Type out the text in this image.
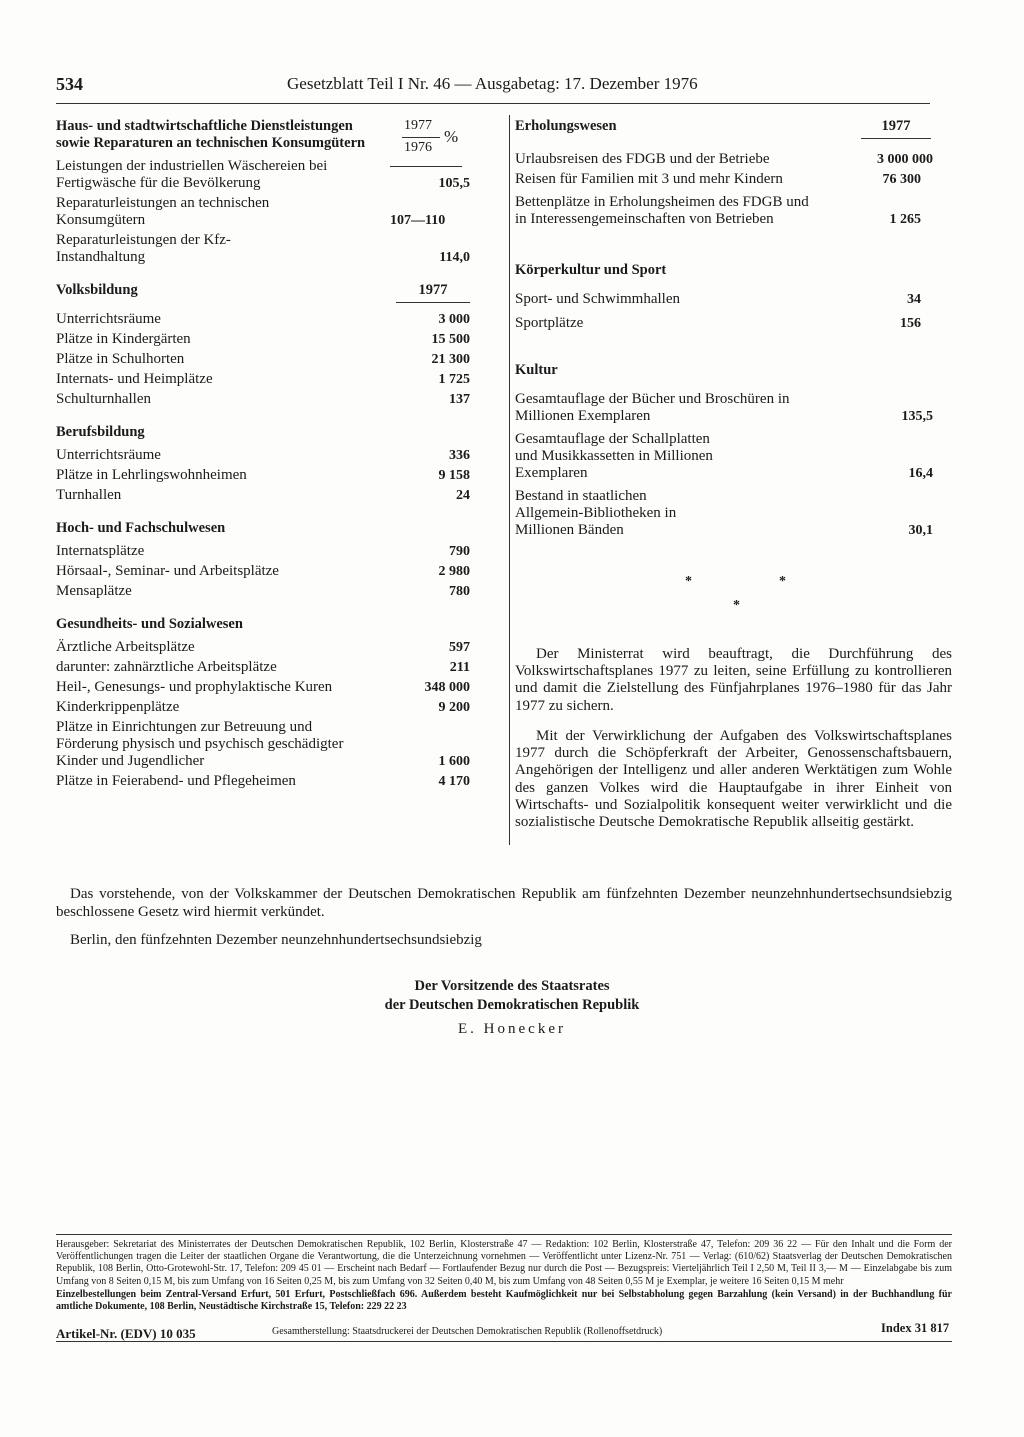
534	Gesetzblatt Teil I Nr. 46 — Ausgabetag: 17. Dezember 1976
Haus- und stadtwirtschaftliche Dienstleistungen sowie Reparaturen an technischen Konsumgütern
1977
1976
%
Leistungen der industriellen Wäschereien bei Fertigwäsche für die Bevölkerung	105,5
Reparaturleistungen an technischen Konsumgütern	107—110
Reparaturleistungen der Kfz-Instandhaltung	114,0
Volksbildung	1977
Unterrichtsräume	3 000
Plätze in Kindergärten	15 500
Plätze in Schulhorten	21 300
Internats- und Heimplätze	1 725
Schulturnhallen	137
Berufsbildung
Unterrichtsräume	336
Plätze in Lehrlingswohnheimen	9 158
Turnhallen	24
Hoch- und Fachschulwesen
Internatsplätze	790
Hörsaal-, Seminar- und Arbeitsplätze	2 980
Mensaplätze	780
Gesundheits- und Sozialwesen
Ärztliche Arbeitsplätze	597
darunter: zahnärztliche Arbeitsplätze	211
Heil-, Genesungs- und prophylaktische Kuren	348 000
Kinderkrippenplätze	9 200
Plätze in Einrichtungen zur Betreuung und Förderung physisch und psychisch geschädigter Kinder und Jugendlicher	1 600
Plätze in Feierabend- und Pflegeheimen	4 170
Erholungswesen	1977
Urlaubsreisen des FDGB und der Betriebe	3 000 000
Reisen für Familien mit 3 und mehr Kindern	76 300
Bettenplätze in Erholungsheimen des FDGB und in Interessengemeinschaften von Betrieben	1 265
Körperkultur und Sport
Sport- und Schwimmhallen	34
Sportplätze	156
Kultur
Gesamtauflage der Bücher und Broschüren in Millionen Exemplaren	135,5
Gesamtauflage der Schallplatten und Musikkassetten in Millionen Exemplaren	16,4
Bestand in staatlichen Allgemein-Bibliotheken in Millionen Bänden	30,1
*	*
*
Der Ministerrat wird beauftragt, die Durchführung des Volkswirtschaftsplanes 1977 zu leiten, seine Erfüllung zu kontrollieren und damit die Zielstellung des Fünfjahrplanes 1976–1980 für das Jahr 1977 zu sichern.
Mit der Verwirklichung der Aufgaben des Volkswirtschaftsplanes 1977 durch die Schöpferkraft der Arbeiter, Genossenschaftsbauern, Angehörigen der Intelligenz und aller anderen Werktätigen zum Wohle des ganzen Volkes wird die Hauptaufgabe in ihrer Einheit von Wirtschafts- und Sozialpolitik konsequent weiter verwirklicht und die sozialistische Deutsche Demokratische Republik allseitig gestärkt.
Das vorstehende, von der Volkskammer der Deutschen Demokratischen Republik am fünfzehnten Dezember neunzehnhundertsechsundsiebzig beschlossene Gesetz wird hiermit verkündet.
Berlin, den fünfzehnten Dezember neunzehnhundertsechsundsiebzig
Der Vorsitzende des Staatsrates
der Deutschen Demokratischen Republik
E. Honecker
Herausgeber: Sekretariat des Ministerrates der Deutschen Demokratischen Republik, 102 Berlin, Klosterstraße 47 — Redaktion: 102 Berlin, Klosterstraße 47, Telefon: 209 36 22 — Für den Inhalt und die Form der Veröffentlichungen tragen die Leiter der staatlichen Organe die Verantwortung, die die Unterzeichnung vornehmen — Veröffentlicht unter Lizenz-Nr. 751 — Verlag: (610/62) Staatsverlag der Deutschen Demokratischen Republik, 108 Berlin, Otto-Grotewohl-Str. 17, Telefon: 209 45 01 — Erscheint nach Bedarf — Fortlaufender Bezug nur durch die Post — Bezugspreis: Vierteljährlich Teil I 2,50 M, Teil II 3,— M — Einzelabgabe bis zum Umfang von 8 Seiten 0,15 M, bis zum Umfang von 16 Seiten 0,25 M, bis zum Umfang von 32 Seiten 0,40 M, bis zum Umfang von 48 Seiten 0,55 M je Exemplar, je weitere 16 Seiten 0,15 M mehr
Einzelbestellungen beim Zentral-Versand Erfurt, 501 Erfurt, Postschließfach 696. Außerdem besteht Kaufmöglichkeit nur bei Selbstabholung gegen Barzahlung (kein Versand) in der Buchhandlung für amtliche Dokumente, 108 Berlin, Neustädtische Kirchstraße 15, Telefon: 229 22 23
Artikel-Nr. (EDV) 10 035	Gesamtherstellung: Staatsdruckerei der Deutschen Demokratischen Republik (Rollenoffsetdruck)	Index 31 817
